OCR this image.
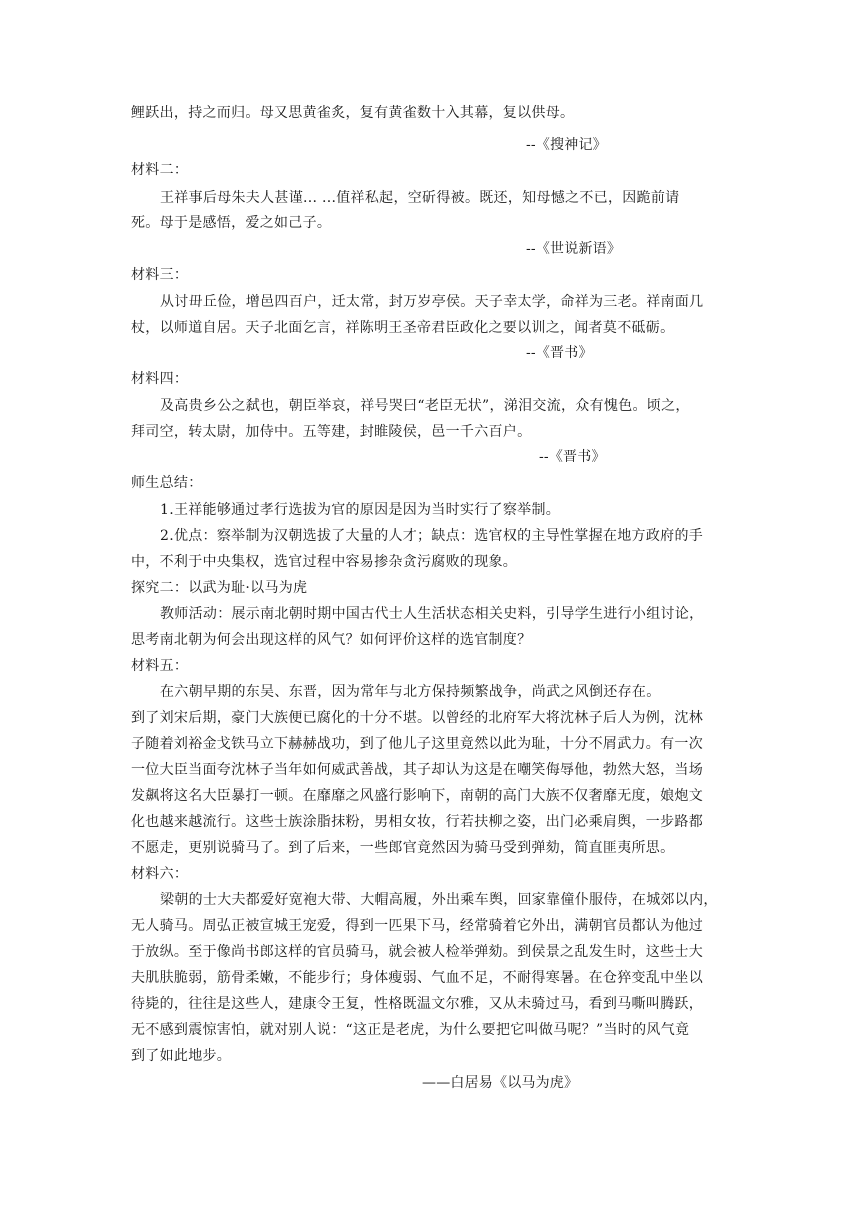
鲤跃出，持之而归。母又思黄雀炙，复有黄雀数十入其幕，复以供母。
--《搜神记》
材料二：
王祥事后母朱夫人甚谨... ...值祥私起，空斫得被。既还，知母憾之不已，因跪前请
死。母于是感悟，爱之如己子。
--《世说新语》
材料三：
从讨毌丘俭，增邑四百户，迁太常，封万岁亭侯。天子幸太学，命祥为三老。祥南面几
杖，以师道自居。天子北面乞言，祥陈明王圣帝君臣政化之要以训之，闻者莫不砥砺。
--《晋书》
材料四：
及高贵乡公之弑也，朝臣举哀，祥号哭曰“老臣无状”，涕泪交流，众有愧色。顷之，
拜司空，转太尉，加侍中。五等建，封睢陵侯，邑一千六百户。
--《晋书》
师生总结：
1.王祥能够通过孝行选拔为官的原因是因为当时实行了察举制。
2.优点：察举制为汉朝选拔了大量的人才；缺点：选官权的主导性掌握在地方政府的手
中，不利于中央集权，选官过程中容易掺杂贪污腐败的现象。
探究二：以武为耻·以马为虎
教师活动：展示南北朝时期中国古代士人生活状态相关史料，引导学生进行小组讨论，
思考南北朝为何会出现这样的风气？如何评价这样的选官制度？
材料五：
在六朝早期的东吴、东晋，因为常年与北方保持频繁战争，尚武之风倒还存在。
到了刘宋后期，豪门大族便已腐化的十分不堪。以曾经的北府军大将沈林子后人为例，沈林
子随着刘裕金戈铁马立下赫赫战功，到了他儿子这里竟然以此为耻，十分不屑武力。有一次
一位大臣当面夸沈林子当年如何威武善战，其子却认为这是在嘲笑侮辱他，勃然大怒，当场
发飙将这名大臣暴打一顿。在靡靡之风盛行影响下，南朝的高门大族不仅奢靡无度，娘炮文
化也越来越流行。这些士族涂脂抹粉，男相女妆，行若扶柳之姿，出门必乘肩舆，一步路都
不愿走，更别说骑马了。到了后来，一些郎官竟然因为骑马受到弹劾，简直匪夷所思。
材料六：
梁朝的士大夫都爱好宽袍大带、大帽高履，外出乘车舆，回家靠僮仆服侍，在城郊以内，
无人骑马。周弘正被宣城王宠爱，得到一匹果下马，经常骑着它外出，满朝官员都认为他过
于放纵。至于像尚书郎这样的官员骑马，就会被人检举弹劾。到侯景之乱发生时，这些士大
夫肌肤脆弱，筋骨柔嫩，不能步行；身体瘦弱、气血不足，不耐得寒暑。在仓猝变乱中坐以
待毙的，往往是这些人，建康令王复，性格既温文尔雅，又从未骑过马，看到马嘶叫腾跃，
无不感到震惊害怕，就对别人说：“这正是老虎，为什么要把它叫做马呢？”当时的风气竟
到了如此地步。
——白居易《以马为虎》
